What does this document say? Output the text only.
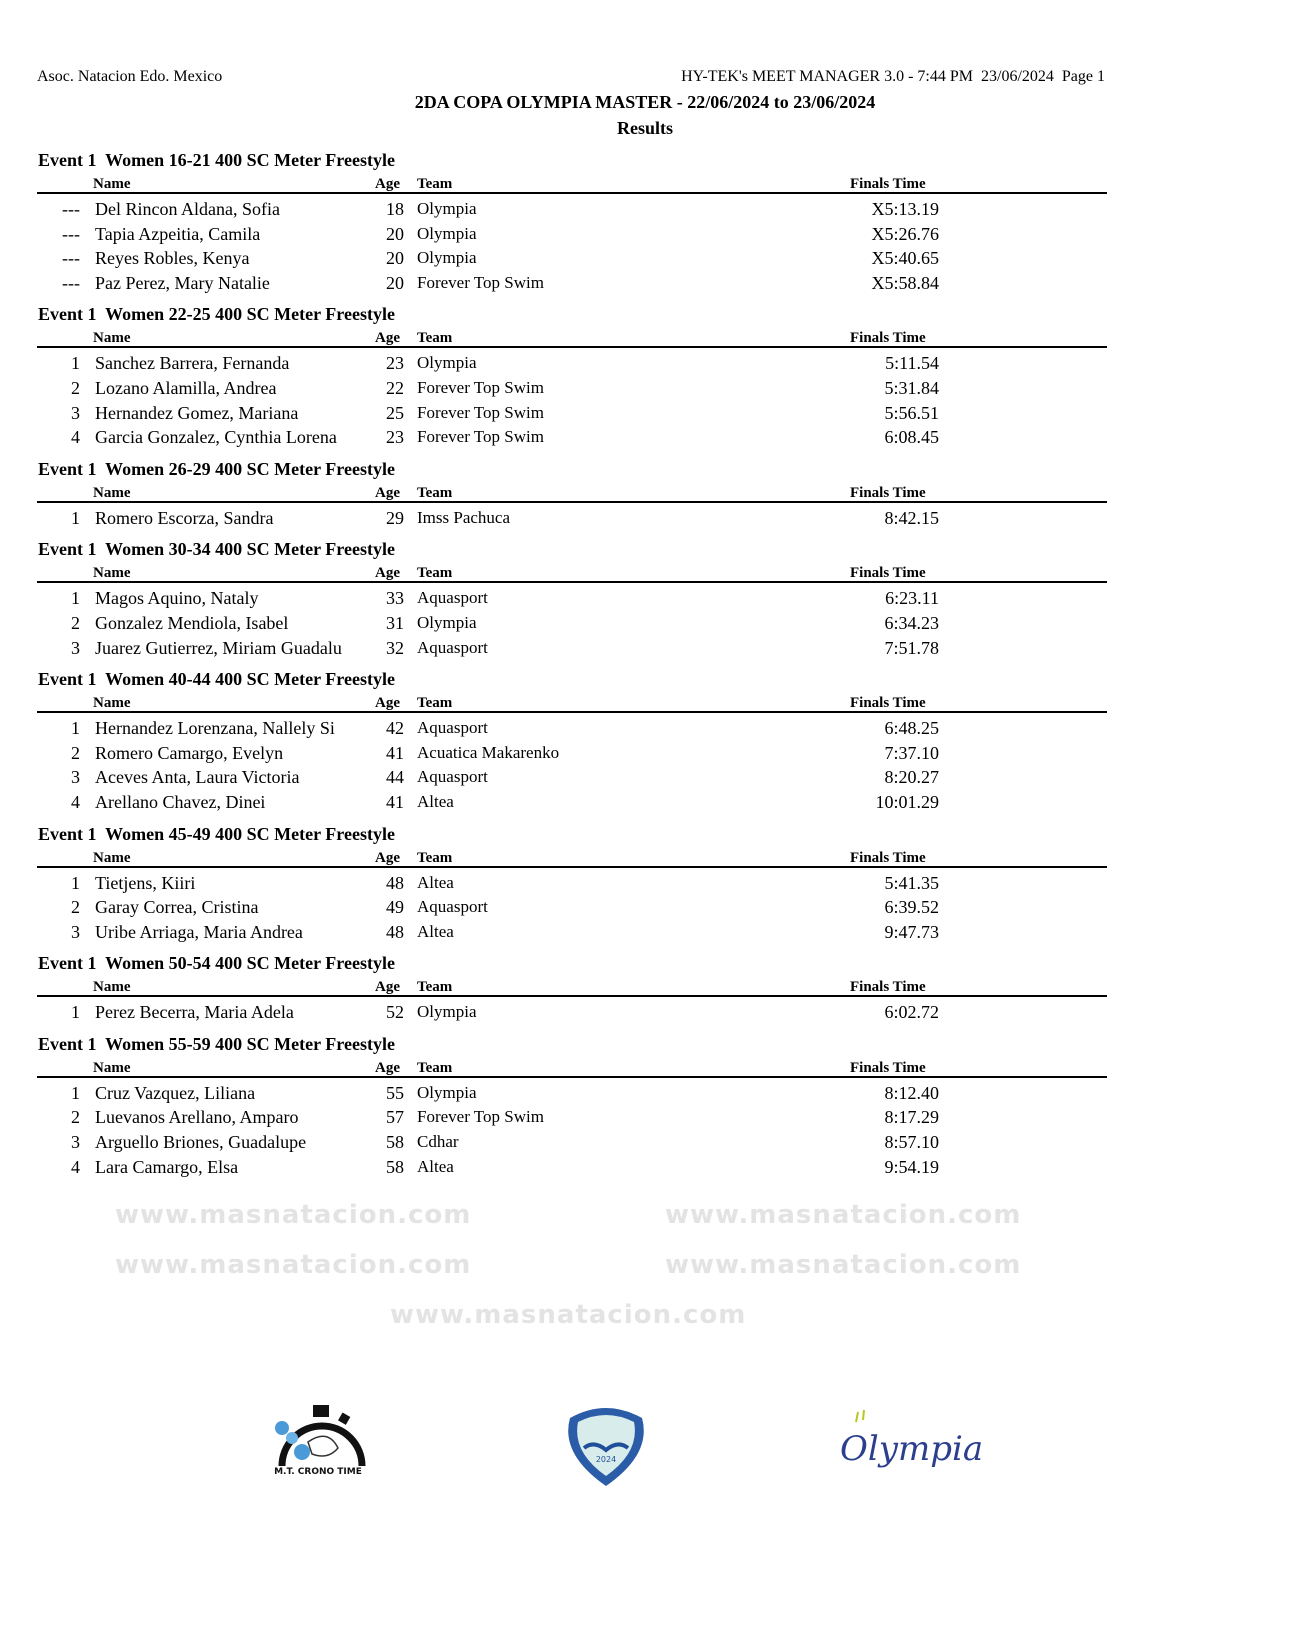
Asoc. Natacion Edo. Mexico	HY-TEK's MEET MANAGER 3.0 - 7:44 PM  23/06/2024  Page 1
2DA COPA OLYMPIA MASTER - 22/06/2024 to 23/06/2024
Results
Event 1  Women 16-21 400 SC Meter Freestyle
Name	Age Team	Finals Time
--- Del Rincon Aldana, Sofia	18 Olympia	X5:13.19
--- Tapia Azpeitia, Camila	20 Olympia	X5:26.76
--- Reyes Robles, Kenya	20 Olympia	X5:40.65
--- Paz Perez, Mary Natalie	20 Forever Top Swim	X5:58.84
Event 1  Women 22-25 400 SC Meter Freestyle
Name	Age Team	Finals Time
1 Sanchez Barrera, Fernanda	23 Olympia	5:11.54
2 Lozano Alamilla, Andrea	22 Forever Top Swim	5:31.84
3 Hernandez Gomez, Mariana	25 Forever Top Swim	5:56.51
4 Garcia Gonzalez, Cynthia Lorena	23 Forever Top Swim	6:08.45
Event 1  Women 26-29 400 SC Meter Freestyle
Name	Age Team	Finals Time
1 Romero Escorza, Sandra	29 Imss Pachuca	8:42.15
Event 1  Women 30-34 400 SC Meter Freestyle
Name	Age Team	Finals Time
1 Magos Aquino, Nataly	33 Aquasport	6:23.11
2 Gonzalez Mendiola, Isabel	31 Olympia	6:34.23
3 Juarez Gutierrez, Miriam Guadalu	32 Aquasport	7:51.78
Event 1  Women 40-44 400 SC Meter Freestyle
Name	Age Team	Finals Time
1 Hernandez Lorenzana, Nallely Si	42 Aquasport	6:48.25
2 Romero Camargo, Evelyn	41 Acuatica Makarenko	7:37.10
3 Aceves Anta, Laura Victoria	44 Aquasport	8:20.27
4 Arellano Chavez, Dinei	41 Altea	10:01.29
Event 1  Women 45-49 400 SC Meter Freestyle
Name	Age Team	Finals Time
1 Tietjens, Kiiri	48 Altea	5:41.35
2 Garay Correa, Cristina	49 Aquasport	6:39.52
3 Uribe Arriaga, Maria Andrea	48 Altea	9:47.73
Event 1  Women 50-54 400 SC Meter Freestyle
Name	Age Team	Finals Time
1 Perez Becerra, Maria Adela	52 Olympia	6:02.72
Event 1  Women 55-59 400 SC Meter Freestyle
Name	Age Team	Finals Time
1 Cruz Vazquez, Liliana	55 Olympia	8:12.40
2 Luevanos Arellano, Amparo	57 Forever Top Swim	8:17.29
3 Arguello Briones, Guadalupe	58 Cdhar	8:57.10
4 Lara Camargo, Elsa	58 Altea	9:54.19
www.masnatacion.com	www.masnatacion.com
www.masnatacion.com	www.masnatacion.com
www.masnatacion.com
M.T. CRONO TIME
2024	Olympia
